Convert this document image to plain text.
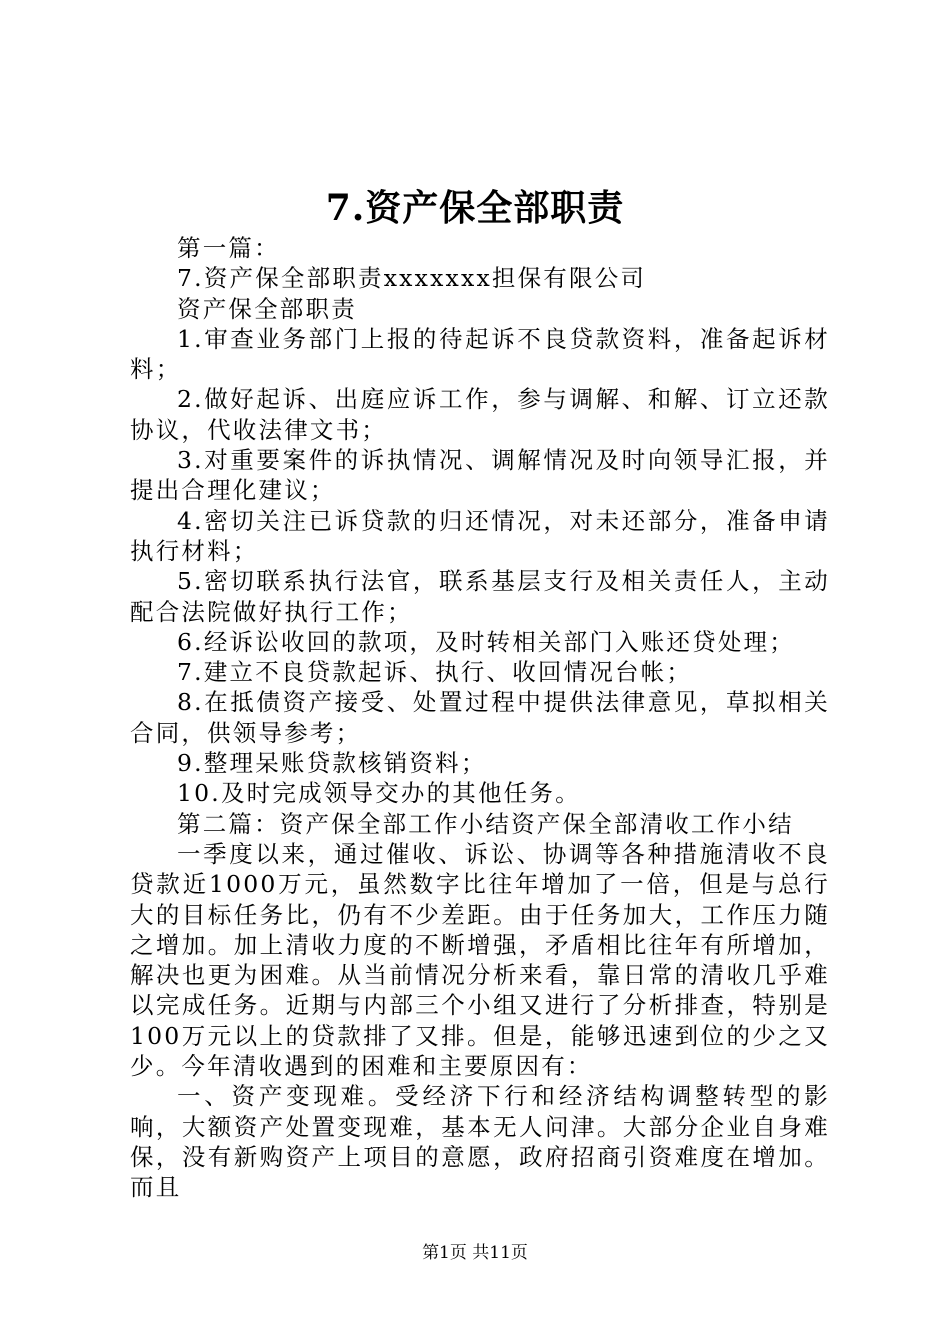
7.资产保全部职责

第一篇：

7.资产保全部职责xxxxxxx担保有限公司

资产保全部职责

1.审查业务部门上报的待起诉不良贷款资料，准备起诉材料；

2.做好起诉、出庭应诉工作，参与调解、和解、订立还款协议，代收法律文书；

3.对重要案件的诉执情况、调解情况及时向领导汇报，并提出合理化建议；

4.密切关注已诉贷款的归还情况，对未还部分，准备申请执行材料；

5.密切联系执行法官，联系基层支行及相关责任人，主动配合法院做好执行工作；

6.经诉讼收回的款项，及时转相关部门入账还贷处理；

7.建立不良贷款起诉、执行、收回情况台帐；

8.在抵债资产接受、处置过程中提供法律意见，草拟相关合同，供领导参考；

9.整理呆账贷款核销资料；

10.及时完成领导交办的其他任务。

第二篇：资产保全部工作小结资产保全部清收工作小结

一季度以来，通过催收、诉讼、协调等各种措施清收不良贷款近1000万元，虽然数字比往年增加了一倍，但是与总行大的目标任务比，仍有不少差距。由于任务加大，工作压力随之增加。加上清收力度的不断增强，矛盾相比往年有所增加，解决也更为困难。从当前情况分析来看，靠日常的清收几乎难以完成任务。近期与内部三个小组又进行了分析排查，特别是100万元以上的贷款排了又排。但是，能够迅速到位的少之又少。今年清收遇到的困难和主要原因有：

一、资产变现难。受经济下行和经济结构调整转型的影响，大额资产处置变现难，基本无人问津。大部分企业自身难保，没有新购资产上项目的意愿，政府招商引资难度在增加。而且

第1页 共11页
